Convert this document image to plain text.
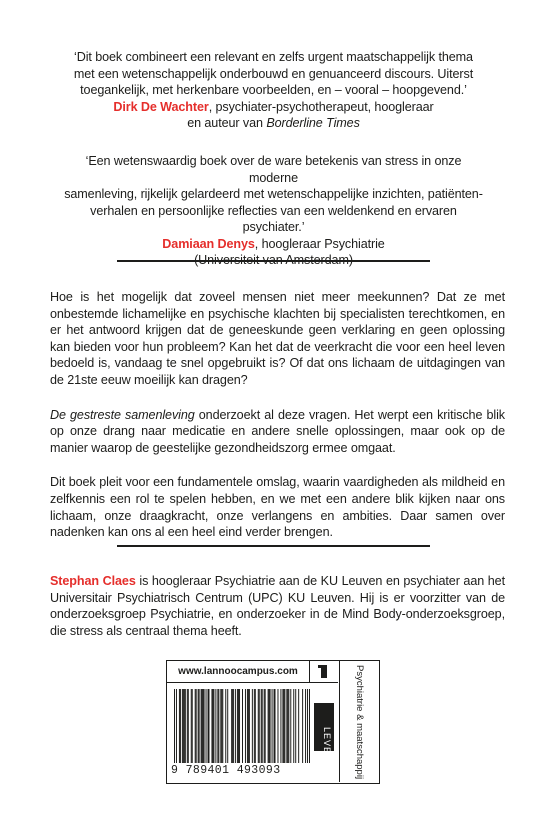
‘Dit boek combineert een relevant en zelfs urgent maatschappelijk thema

met een wetenschappelijk onderbouwd en genuanceerd discours. Uiterst

toegankelijk, met herkenbare voorbeelden, en – vooral – hoopgevend.’

Dirk De Wachter, psychiater-psychotherapeut, hoogleraar

en auteur van Borderline Times

‘Een wetenswaardig boek over de ware betekenis van stress in onze moderne

samenleving, rijkelijk gelardeerd met wetenschappelijke inzichten, patiënten-

verhalen en persoonlijke reflecties van een weldenkend en ervaren psychiater.’

Damiaan Denys, hoogleraar Psychiatrie

Hoe is het mogelijk dat zoveel mensen niet meer meekunnen? Dat ze met onbestemde lichamelijke en psychische klachten bij specialisten terechtkomen, en er het antwoord krijgen dat de geneeskunde geen verklaring en geen oplossing kan bieden voor hun probleem? Kan het dat de veerkracht die voor een heel leven bedoeld is, vandaag te snel opgebruikt is? Of dat ons lichaam de uitdagingen van de 21ste eeuw moeilijk kan dragen?

De gestreste samenleving onderzoekt al deze vragen. Het werpt een kritische blik op onze drang naar medicatie en andere snelle oplossingen, maar ook op de manier waarop de geestelijke gezondheidszorg ermee omgaat.

Dit boek pleit voor een fundamentele omslag, waarin vaardigheden als mildheid en zelfkennis een rol te spelen hebben, en we met een andere blik kijken naar ons lichaam, onze draagkracht, onze verlangens en ambities. Daar samen over nadenken kan ons al een heel eind verder brengen.

Stephan Claes is hoogleraar Psychiatrie aan de KU Leuven en psychiater aan het Universitair Psychiatrisch Centrum (UPC) KU Leuven. Hij is er voorzitter van de onderzoeksgroep Psychiatrie, en onderzoeker in de Mind Body-onderzoeksgroep, die stress als centraal thema heeft.

www.lannoocampus.com
9 789401 493093
LEVEN Psychiatrie & maatschappij
